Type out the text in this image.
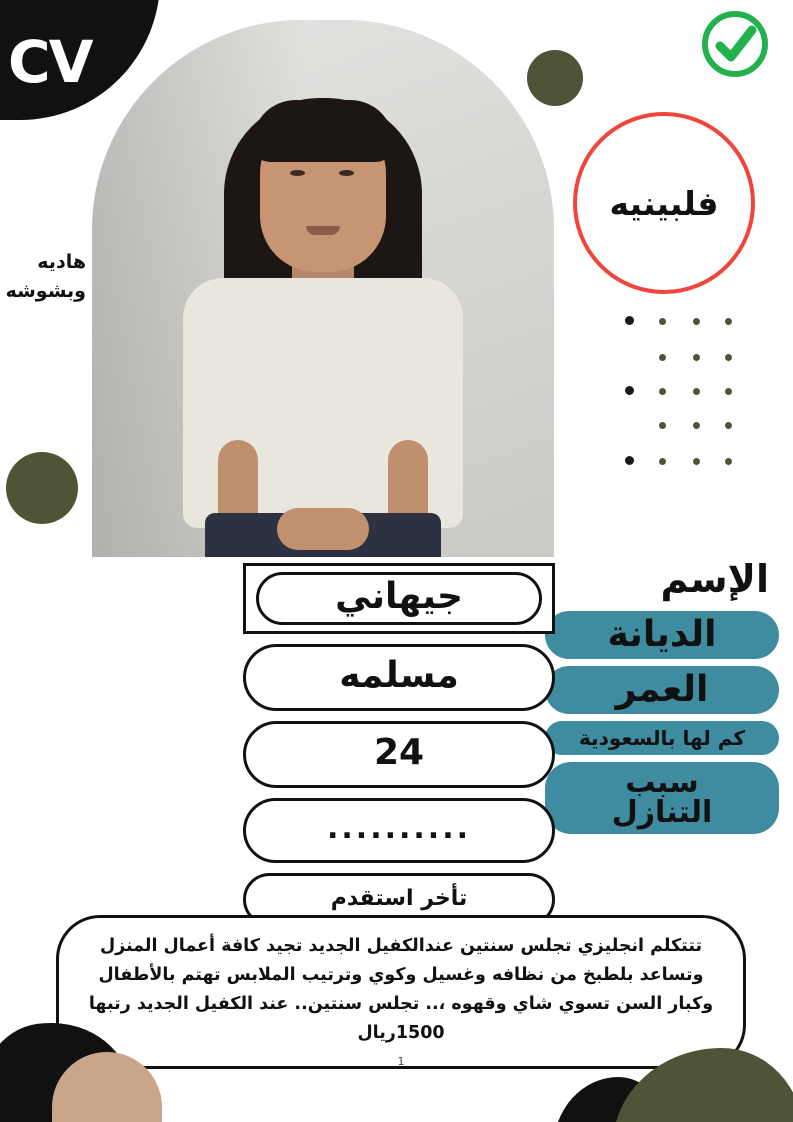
CV
فلبينيه
هاديه وبشوشه
الإسم
الديانة
العمر
كم لها بالسعودية
سبب التنازل
جيهاني
مسلمه
24
..........
تأخر استقدم
تتتكلم انجليزي تجلس سنتين عندالكفيل الجديد تجيد كافة أعمال المنزل وتساعد بلطبخ من نظافه وغسيل وكوي وترتيب الملابس تهتم بالأطفال وكبار السن تسوي شاي وقهوه ،.. تجلس سنتين.. عند الكفيل الجديد رتبها 1500ريال
1
